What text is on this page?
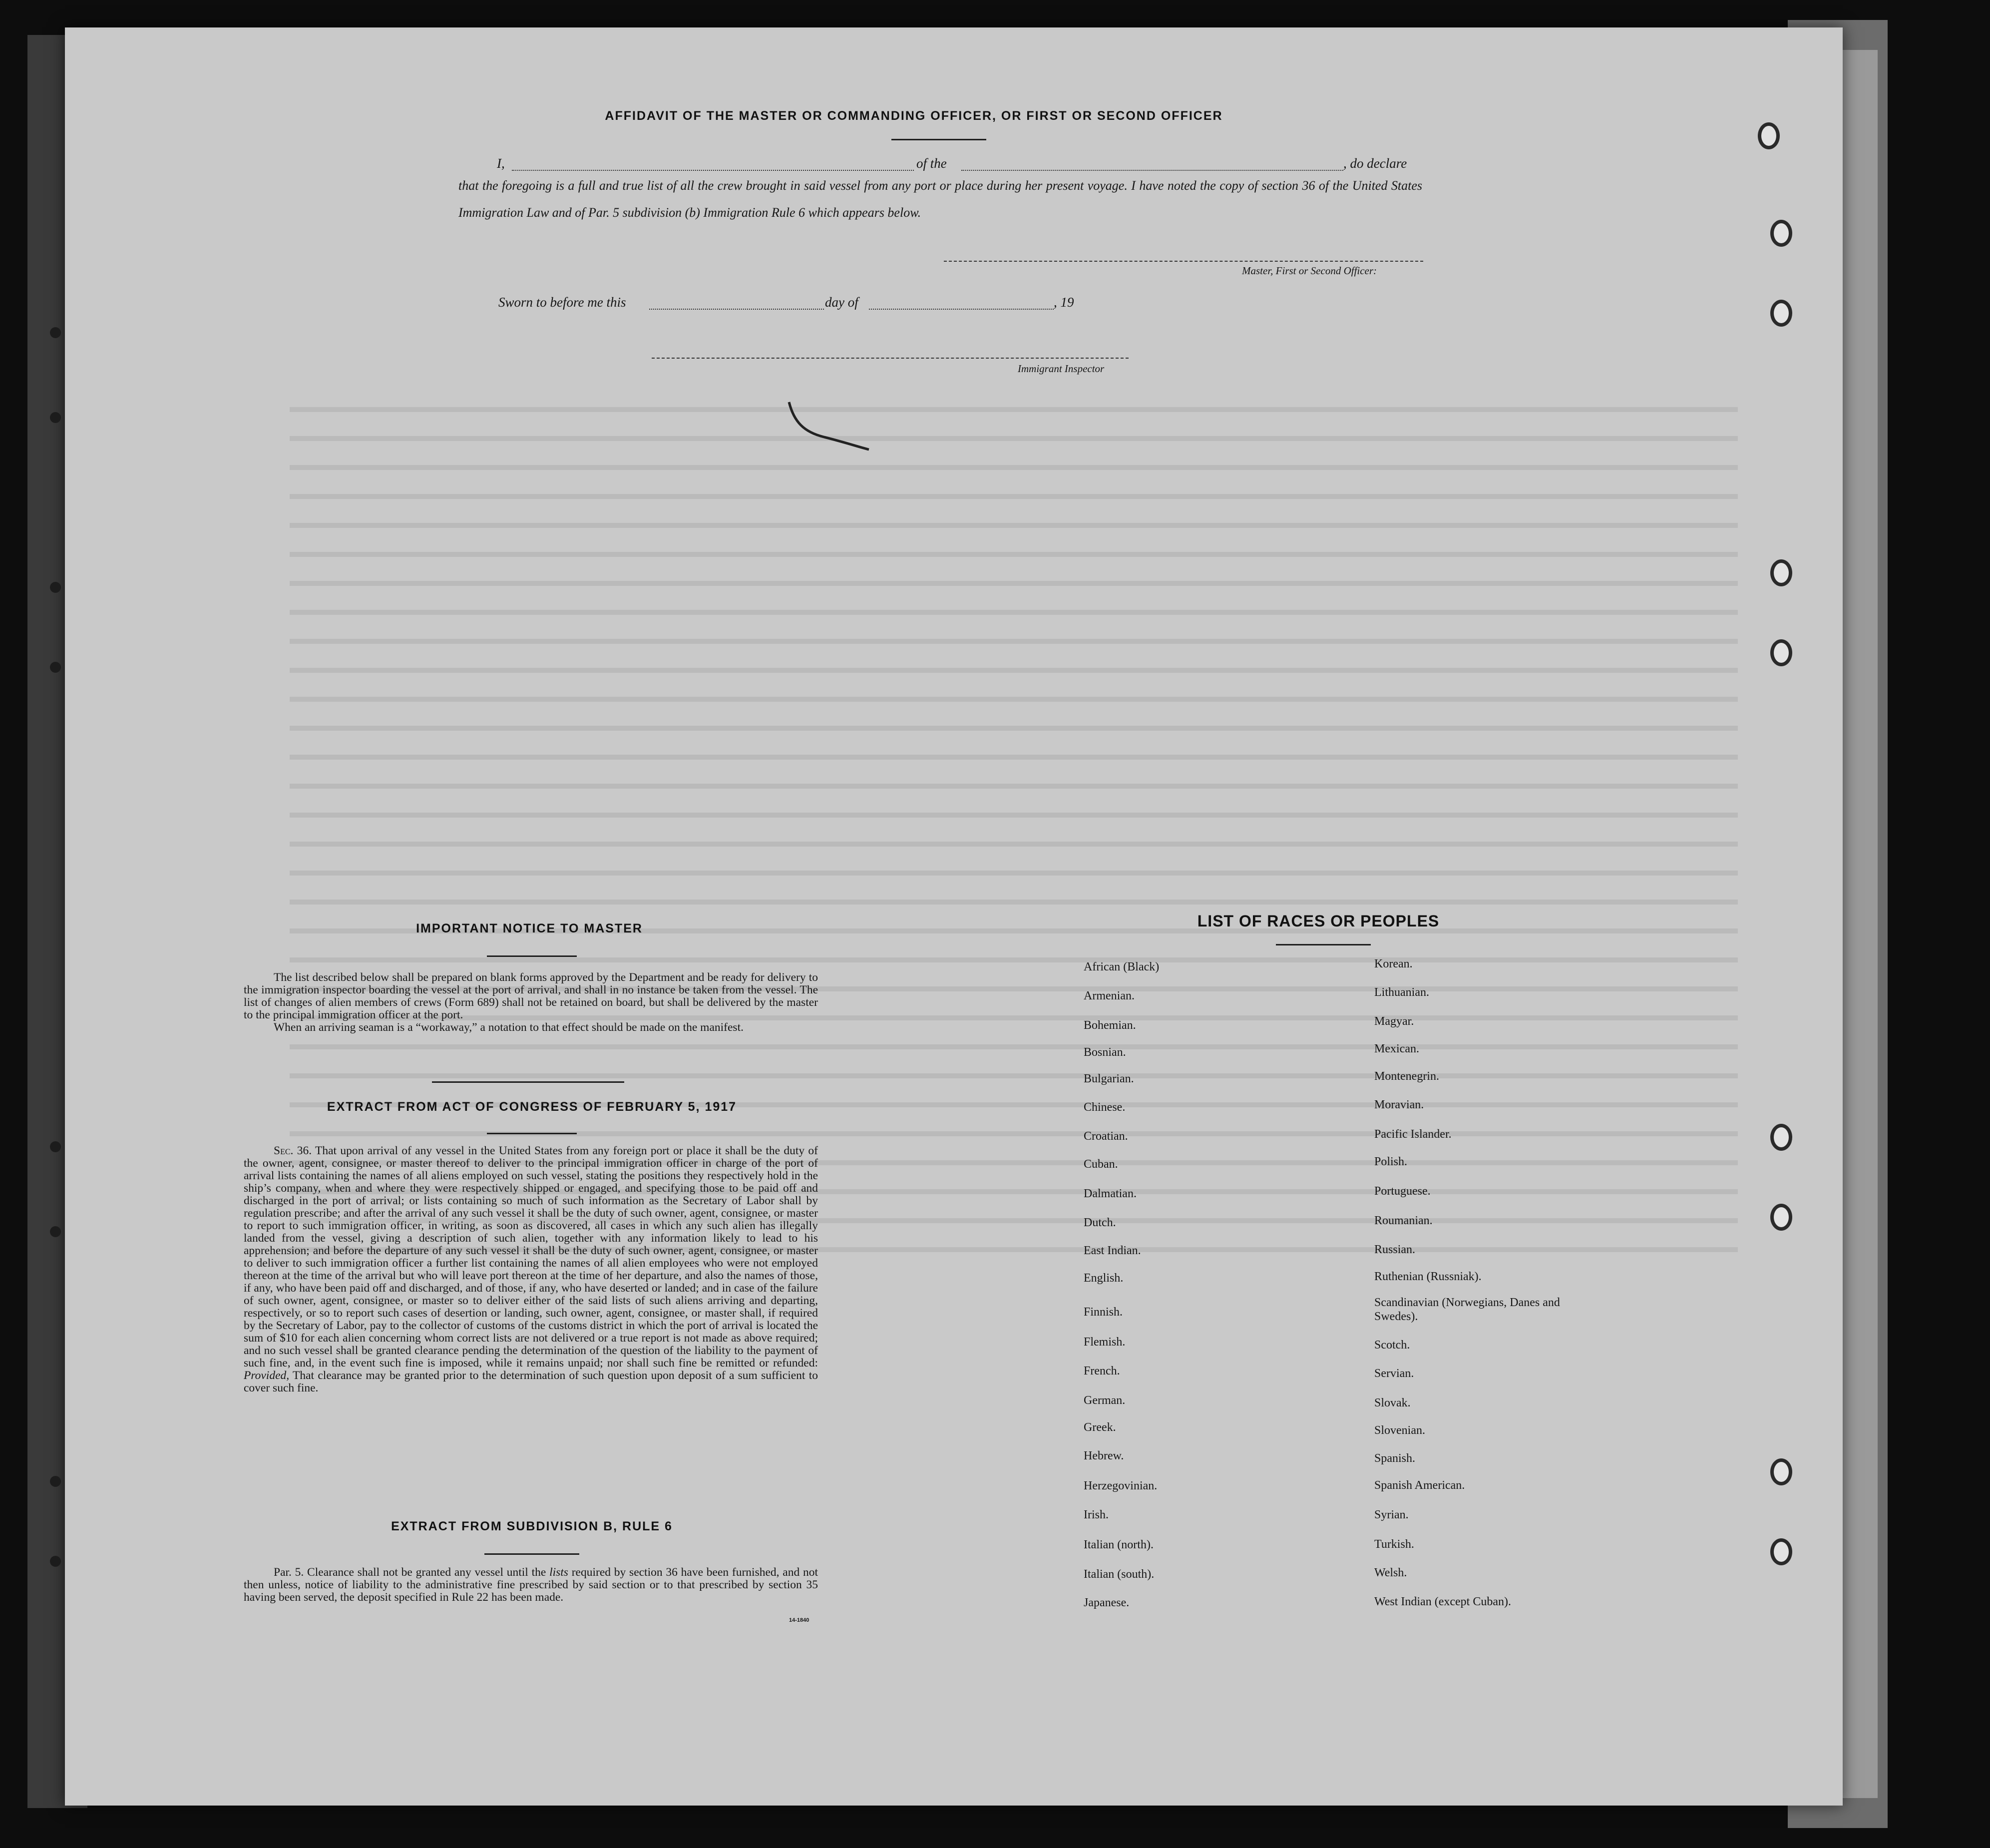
AFFIDAVIT OF THE MASTER OR COMMANDING OFFICER, OR FIRST OR SECOND OFFICER
I,	of the	, do declare
that the foregoing is a full and true list of all the crew brought in said vessel from any port or place during her present voyage. I have noted the copy of section 36 of the United States Immigration Law and of Par. 5 subdivision (b) Immigration Rule 6 which appears below.
Master, First or Second Officer:
Sworn to before me this	day of	, 19
Immigrant Inspector
IMPORTANT NOTICE TO MASTER

The list described below shall be prepared on blank forms approved by the Department and be ready for delivery to the immigration inspector boarding the vessel at the port of arrival, and shall in no instance be taken from the vessel. The list of changes of alien members of crews (Form 689) shall not be retained on board, but shall be delivered by the master to the principal immigration officer at the port.

When an arriving seaman is a “workaway,” a notation to that effect should be made on the manifest.

EXTRACT FROM ACT OF CONGRESS OF FEBRUARY 5, 1917

Sec. 36. That upon arrival of any vessel in the United States from any foreign port or place it shall be the duty of the owner, agent, consignee, or master thereof to deliver to the principal immigration officer in charge of the port of arrival lists containing the names of all aliens employed on such vessel, stating the positions they respectively hold in the ship’s company, when and where they were respectively shipped or engaged, and specifying those to be paid off and discharged in the port of arrival; or lists containing so much of such information as the Secretary of Labor shall by regulation prescribe; and after the arrival of any such vessel it shall be the duty of such owner, agent, consignee, or master to report to such immigration officer, in writing, as soon as discovered, all cases in which any such alien has illegally landed from the vessel, giving a description of such alien, together with any information likely to lead to his apprehension; and before the departure of any such vessel it shall be the duty of such owner, agent, consignee, or master to deliver to such immigration officer a further list containing the names of all alien employees who were not employed thereon at the time of the arrival but who will leave port thereon at the time of her departure, and also the names of those, if any, who have been paid off and discharged, and of those, if any, who have deserted or landed; and in case of the failure of such owner, agent, consignee, or master so to deliver either of the said lists of such aliens arriving and departing, respectively, or so to report such cases of desertion or landing, such owner, agent, consignee, or master shall, if required by the Secretary of Labor, pay to the collector of customs of the customs district in which the port of arrival is located the sum of $10 for each alien concerning whom correct lists are not delivered or a true report is not made as above required; and no such vessel shall be granted clearance pending the determination of the question of the liability to the payment of such fine, and, in the event such fine is imposed, while it remains unpaid; nor shall such fine be remitted or refunded: Provided, That clearance may be granted prior to the determination of such question upon deposit of a sum sufficient to cover such fine.

EXTRACT FROM SUBDIVISION B, RULE 6

Par. 5. Clearance shall not be granted any vessel until the lists required by section 36 have been furnished, and not then unless, notice of liability to the administrative fine prescribed by said section or to that prescribed by section 35 having been served, the deposit specified in Rule 22 has been made.

14-1840
LIST OF RACES OR PEOPLES
African (Black)
Armenian.
Bohemian.
Bosnian.
Bulgarian.
Chinese.
Croatian.
Cuban.
Dalmatian.
Dutch.
East Indian.
English.
Finnish.
Flemish.
French.
German.
Greek.
Hebrew.
Herzegovinian.
Irish.
Italian (north).
Italian (south).
Japanese.
Korean.
Lithuanian.
Magyar.
Mexican.
Montenegrin.
Moravian.
Pacific Islander.
Polish.
Portuguese.
Roumanian.
Russian.
Ruthenian (Russniak).
Scandinavian (Norwegians, Danes and Swedes).
Scotch.
Servian.
Slovak.
Slovenian.
Spanish.
Spanish American.
Syrian.
Turkish.
Welsh.
West Indian (except Cuban).
